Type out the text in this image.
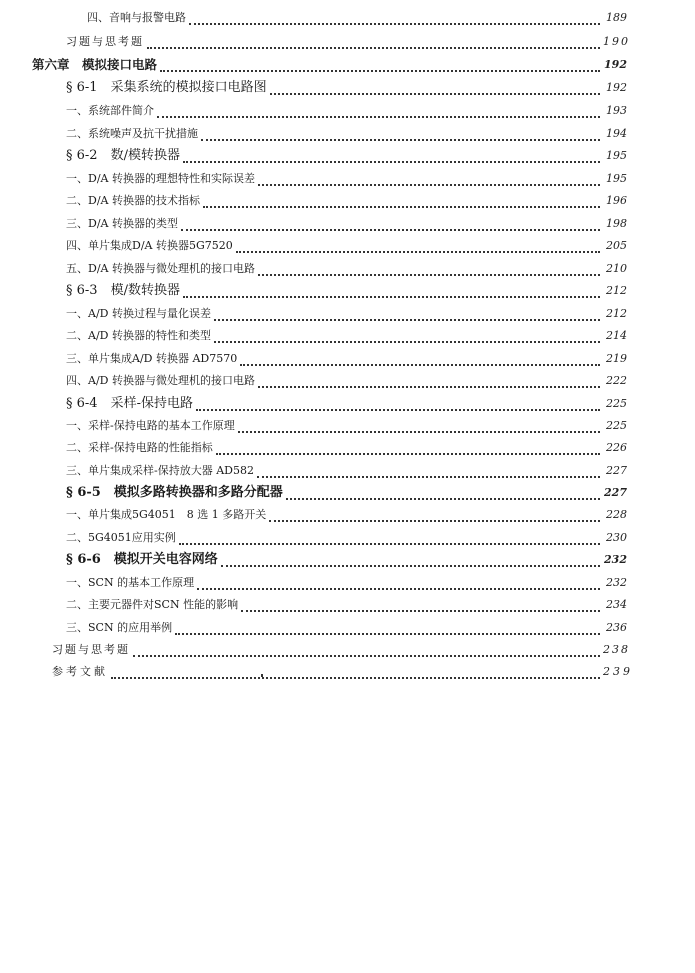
四、音响与报警电路	189
习题与思考题	190
第六章　模拟接口电路	192
§ 6-1　采集系统的模拟接口电路图	192
一、系统部件简介	193
二、系统噪声及抗干扰措施	194
§ 6-2　数/模转换器	195
一、D/A 转换器的理想特性和实际误差	195
二、D/A 转换器的技术指标	196
三、D/A 转换器的类型	198
四、单片集成D/A 转换器5G7520	205
五、D/A 转换器与微处理机的接口电路	210
§ 6-3　模/数转换器	212
一、A/D 转换过程与量化误差	212
二、A/D 转换器的特性和类型	214
三、单片集成A/D 转换器 AD7570	219
四、A/D 转换器与微处理机的接口电路	222
§ 6-4　采样-保持电路	225
一、采样-保持电路的基本工作原理	225
二、采样-保持电路的性能指标	226
三、单片集成采样-保持放大器 AD582	227
§ 6-5　模拟多路转换器和多路分配器	227
一、单片集成5G4051　8 选 1 多路开关	228
二、5G4051应用实例	230
§ 6-6　模拟开关电容网络	232
一、SCN 的基本工作原理	232
二、主要元器件对SCN 性能的影响	234
三、SCN 的应用举例	236
习题与思考题	238
参考文献	239
